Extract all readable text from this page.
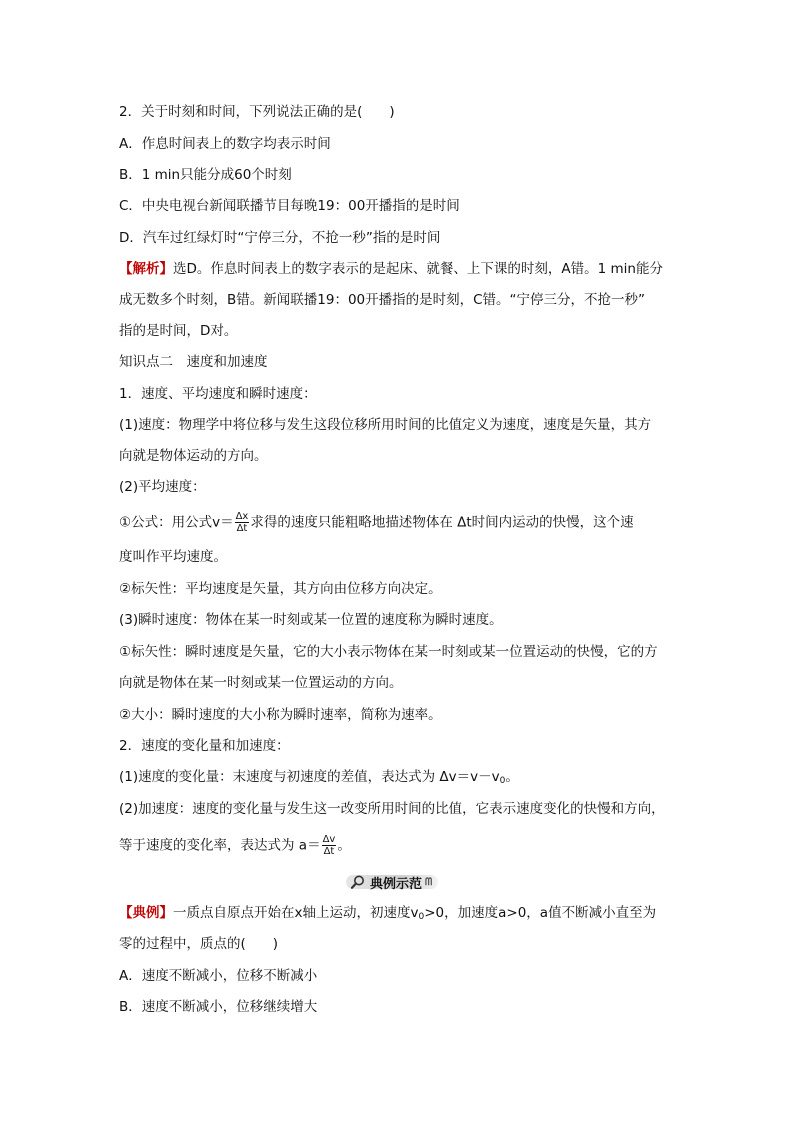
2．关于时刻和时间，下列说法正确的是(　　)
A．作息时间表上的数字均表示时间
B．1 min只能分成60个时刻
C．中央电视台新闻联播节目每晚19：00开播指的是时间
D．汽车过红绿灯时“宁停三分，不抢一秒”指的是时间
【解析】选D。作息时间表上的数字表示的是起床、就餐、上下课的时刻，A错。1 min能分
成无数多个时刻，B错。新闻联播19：00开播指的是时刻，C错。“宁停三分，不抢一秒”
指的是时间，D对。
知识点二　速度和加速度
1．速度、平均速度和瞬时速度：
(1)速度：物理学中将位移与发生这段位移所用时间的比值定义为速度，速度是矢量，其方
向就是物体运动的方向。
(2)平均速度：
①公式：用公式$v= \frac{\Delta x}{\Delta t}$ 求得的速度只能粗略地描述物体在 Δt时间内运动的快慢，这个速
度叫作平均速度。
②标矢性：平均速度是矢量，其方向由位移方向决定。
(3)瞬时速度：物体在某一时刻或某一位置的速度称为瞬时速度。
①标矢性：瞬时速度是矢量，它的大小表示物体在某一时刻或某一位置运动的快慢，它的方
向就是物体在某一时刻或某一位置运动的方向。
②大小：瞬时速度的大小称为瞬时速率，简称为速率。
2．速度的变化量和加速度：
(1)速度的变化量：末速度与初速度的差值，表达式为 $\Delta v=v-v_0$。
(2)加速度：速度的变化量与发生这一改变所用时间的比值，它表示速度变化的快慢和方向，
等于速度的变化率，表达式为 $a= \frac{\Delta v}{\Delta t}$ 。
典例示范 ᗰ
【典例】一质点自原点开始在x轴上运动，初速度$v_0>0$，加速度a>0，a值不断减小直至为
零的过程中，质点的(　　)
A．速度不断减小，位移不断减小
B．速度不断减小，位移继续增大
